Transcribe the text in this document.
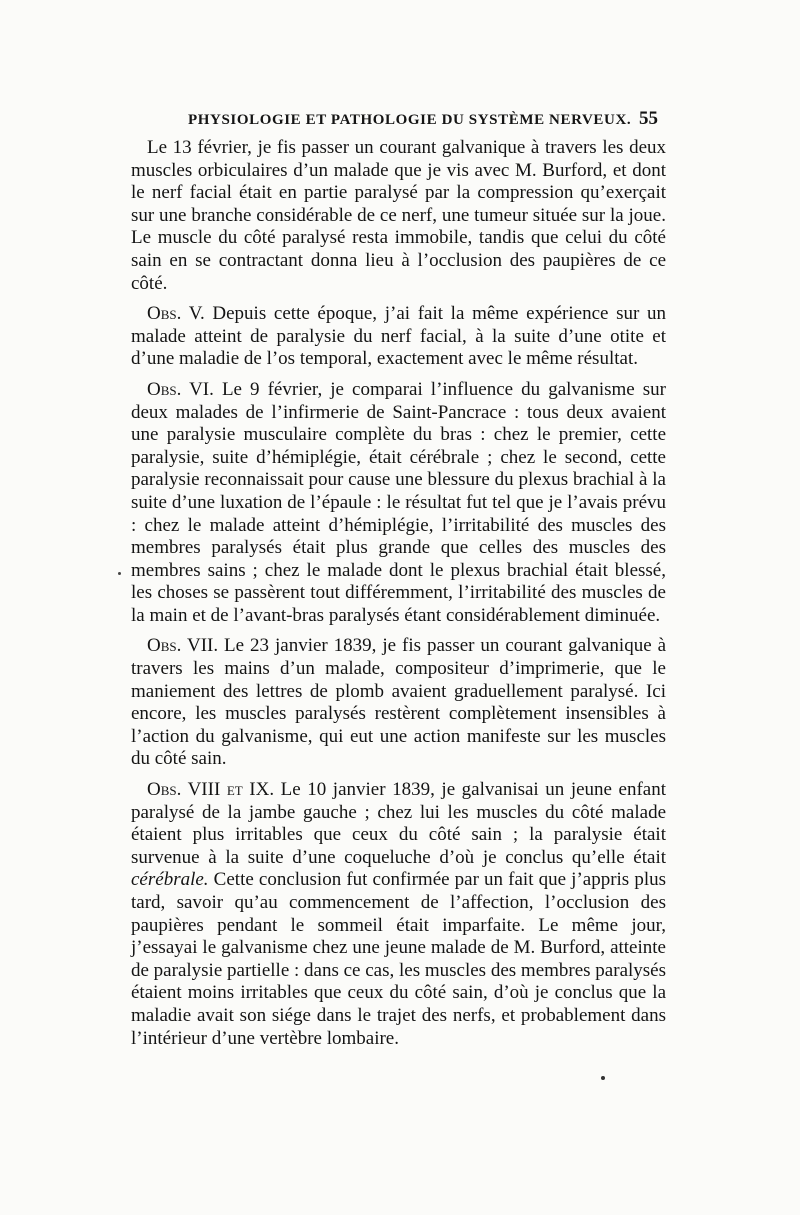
PHYSIOLOGIE ET PATHOLOGIE DU SYSTÈME NERVEUX. 55

Le 13 février, je fis passer un courant galvanique à travers les deux muscles orbiculaires d’un malade que je vis avec M. Burford, et dont le nerf facial était en partie paralysé par la compression qu’exerçait sur une branche considérable de ce nerf, une tumeur située sur la joue. Le muscle du côté paralysé resta immobile, tandis que celui du côté sain en se contractant donna lieu à l’occlusion des paupières de ce côté.

Obs. V. Depuis cette époque, j’ai fait la même expérience sur un malade atteint de paralysie du nerf facial, à la suite d’une otite et d’une maladie de l’os temporal, exactement avec le même résultat.

Obs. VI. Le 9 février, je comparai l’influence du galvanisme sur deux malades de l’infirmerie de Saint-Pancrace : tous deux avaient une paralysie musculaire complète du bras : chez le premier, cette paralysie, suite d’hémiplégie, était cérébrale ; chez le second, cette paralysie reconnaissait pour cause une blessure du plexus brachial à la suite d’une luxation de l’épaule : le résultat fut tel que je l’avais prévu : chez le malade atteint d’hémiplégie, l’irritabilité des muscles des membres paralysés était plus grande que celles des muscles des membres sains ; chez le malade dont le plexus brachial était blessé, les choses se passèrent tout différemment, l’irritabilité des muscles de la main et de l’avant-bras paralysés étant considérablement diminuée.

Obs. VII. Le 23 janvier 1839, je fis passer un courant galvanique à travers les mains d’un malade, compositeur d’imprimerie, que le maniement des lettres de plomb avaient graduellement paralysé. Ici encore, les muscles paralysés restèrent complètement insensibles à l’action du galvanisme, qui eut une action manifeste sur les muscles du côté sain.

Obs. VIII et IX. Le 10 janvier 1839, je galvanisai un jeune enfant paralysé de la jambe gauche ; chez lui les muscles du côté malade étaient plus irritables que ceux du côté sain ; la paralysie était survenue à la suite d’une coqueluche d’où je conclus qu’elle était cérébrale. Cette conclusion fut confirmée par un fait que j’appris plus tard, savoir qu’au commencement de l’affection, l’occlusion des paupières pendant le sommeil était imparfaite. Le même jour, j’essayai le galvanisme chez une jeune malade de M. Burford, atteinte de paralysie partielle : dans ce cas, les muscles des membres paralysés étaient moins irritables que ceux du côté sain, d’où je conclus que la maladie avait son siége dans le trajet des nerfs, et probablement dans l’intérieur d’une vertèbre lombaire.
